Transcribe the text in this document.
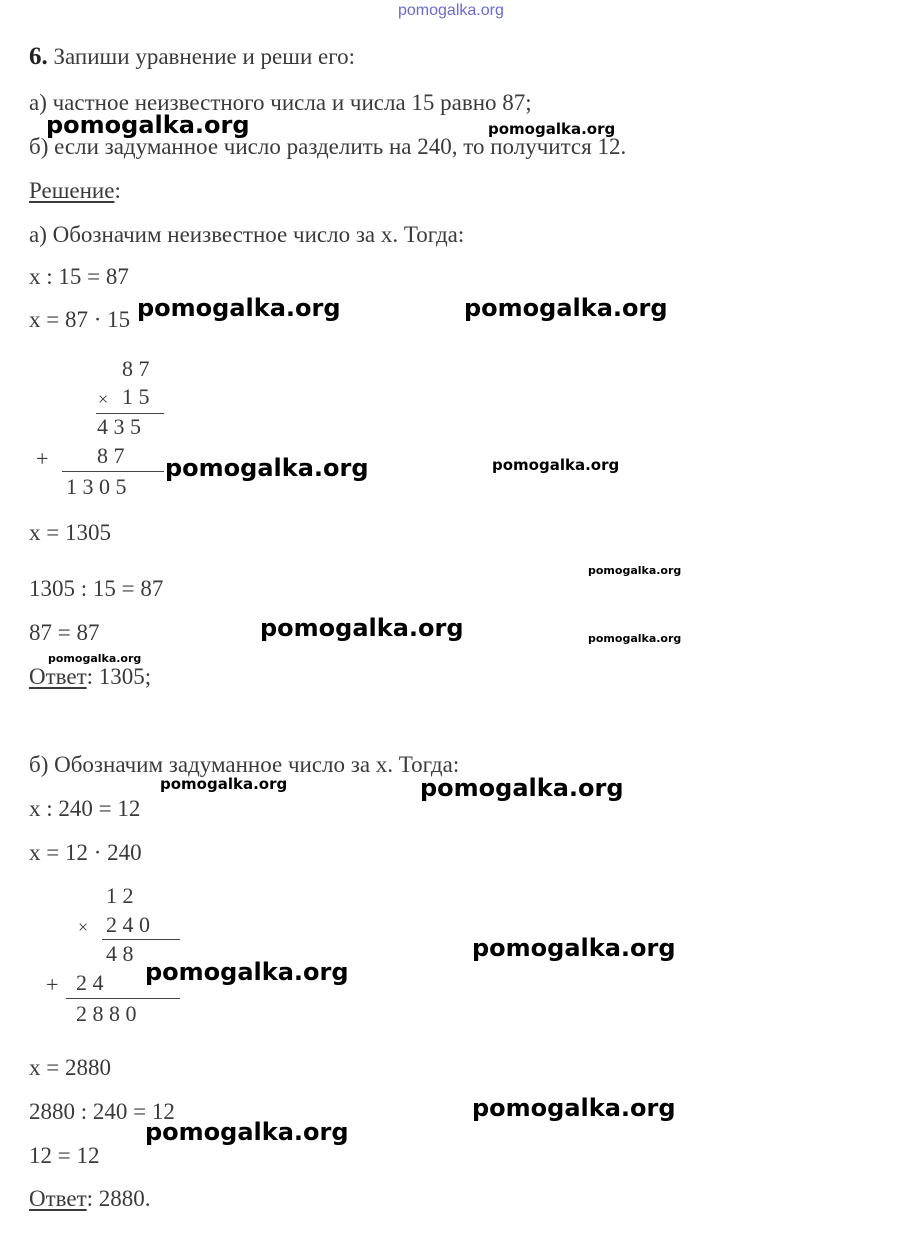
pomogalka.org
6. Запиши уравнение и реши его:
а) частное неизвестного числа и числа 15 равно 87;
б) если задуманное число разделить на 240, то получится 12.
Решение:
а) Обозначим неизвестное число за x. Тогда:
x : 15 = 87
x = 87 · 15
8 7
× 1 5
4 3 5
+ 8 7
1 3 0 5
x = 1305
1305 : 15 = 87
87 = 87
Ответ: 1305;
б) Обозначим задуманное число за x. Тогда:
x : 240 = 12
x = 12 · 240
1 2
× 2 4 0
4 8
+ 2 4
2 8 8 0
x = 2880
2880 : 240 = 12
12 = 12
Ответ: 2880.
pomogalka.org	pomogalka.org
pomogalka.org	pomogalka.org
pomogalka.org	pomogalka.org
pomogalka.org
pomogalka.org	pomogalka.org
pomogalka.org
pomogalka.org	pomogalka.org
pomogalka.org
pomogalka.org
pomogalka.org
pomogalka.org
